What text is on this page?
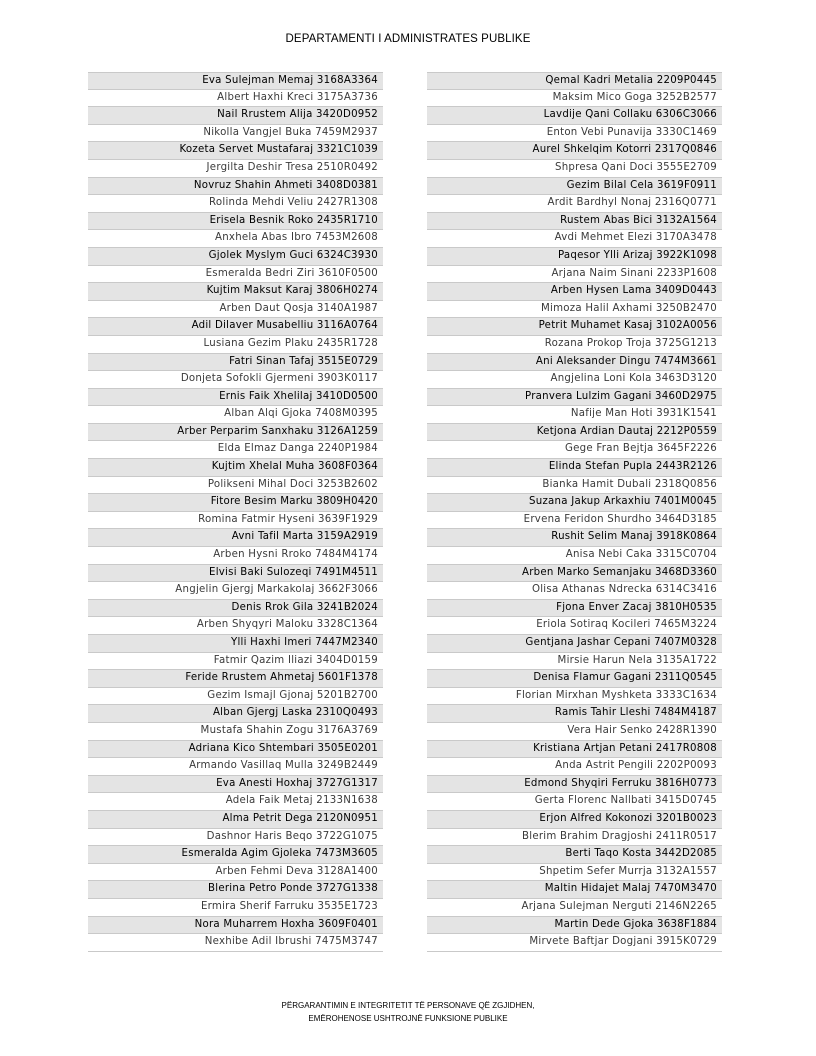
DEPARTAMENTI I ADMINISTRATES PUBLIKE
Eva Sulejman Memaj 3168A3364
Albert Haxhi Kreci 3175A3736
Nail Rrustem Alija 3420D0952
Nikolla Vangjel Buka 7459M2937
Kozeta Servet Mustafaraj 3321C1039
Jergilta Deshir Tresa 2510R0492
Novruz Shahin Ahmeti 3408D0381
Rolinda Mehdi Veliu 2427R1308
Erisela Besnik Roko 2435R1710
Anxhela Abas Ibro 7453M2608
Gjolek Myslym Guci 6324C3930
Esmeralda Bedri Ziri 3610F0500
Kujtim Maksut Karaj 3806H0274
Arben Daut Qosja 3140A1987
Adil Dilaver Musabelliu 3116A0764
Lusiana Gezim Plaku 2435R1728
Fatri Sinan Tafaj 3515E0729
Donjeta Sofokli Gjermeni 3903K0117
Ernis Faik Xhelilaj 3410D0500
Alban Alqi Gjoka 7408M0395
Arber Perparim Sanxhaku 3126A1259
Elda Elmaz Danga 2240P1984
Kujtim Xhelal Muha 3608F0364
Polikseni Mihal Doci 3253B2602
Fitore Besim Marku 3809H0420
Romina Fatmir Hyseni 3639F1929
Avni Tafil Marta 3159A2919
Arben Hysni Rroko 7484M4174
Elvisi Baki Sulozeqi 7491M4511
Angjelin Gjergj Markakolaj 3662F3066
Denis Rrok Gila 3241B2024
Arben Shyqyri Maloku 3328C1364
Ylli Haxhi Imeri 7447M2340
Fatmir Qazim Iliazi 3404D0159
Feride Rrustem Ahmetaj 5601F1378
Gezim Ismajl Gjonaj 5201B2700
Alban Gjergj Laska 2310Q0493
Mustafa Shahin Zogu 3176A3769
Adriana Kico Shtembari 3505E0201
Armando Vasillaq Mulla 3249B2449
Eva Anesti Hoxhaj 3727G1317
Adela Faik Metaj 2133N1638
Alma Petrit Dega 2120N0951
Dashnor Haris Beqo 3722G1075
Esmeralda Agim Gjoleka 7473M3605
Arben Fehmi Deva 3128A1400
Blerina Petro Ponde 3727G1338
Ermira Sherif Farruku 3535E1723
Nora Muharrem Hoxha 3609F0401
Nexhibe Adil Ibrushi 7475M3747
Qemal Kadri Metalia 2209P0445
Maksim Mico Goga 3252B2577
Lavdije Qani Collaku 6306C3066
Enton Vebi Punavija 3330C1469
Aurel Shkelqim Kotorri 2317Q0846
Shpresa Qani Doci 3555E2709
Gezim Bilal Cela 3619F0911
Ardit Bardhyl Nonaj 2316Q0771
Rustem Abas Bici 3132A1564
Avdi Mehmet Elezi 3170A3478
Paqesor Ylli Arizaj 3922K1098
Arjana Naim Sinani 2233P1608
Arben Hysen Lama 3409D0443
Mimoza Halil Axhami 3250B2470
Petrit Muhamet Kasaj 3102A0056
Rozana Prokop Troja 3725G1213
Ani Aleksander Dingu 7474M3661
Angjelina Loni Kola 3463D3120
Pranvera Lulzim Gagani 3460D2975
Nafije Man Hoti 3931K1541
Ketjona Ardian Dautaj 2212P0559
Gege Fran Bejtja 3645F2226
Elinda Stefan Pupla 2443R2126
Bianka Hamit Dubali 2318Q0856
Suzana Jakup Arkaxhiu 7401M0045
Ervena Feridon Shurdho 3464D3185
Rushit Selim Manaj 3918K0864
Anisa Nebi Caka 3315C0704
Arben Marko Semanjaku 3468D3360
Olisa Athanas Ndrecka 6314C3416
Fjona Enver Zacaj 3810H0535
Eriola Sotiraq Kocileri 7465M3224
Gentjana Jashar Cepani 7407M0328
Mirsie Harun Nela 3135A1722
Denisa Flamur Gagani 2311Q0545
Florian Mirxhan Myshketa 3333C1634
Ramis Tahir Lleshi 7484M4187
Vera Hair Senko 2428R1390
Kristiana Artjan Petani 2417R0808
Anda Astrit Pengili 2202P0093
Edmond Shyqiri Ferruku 3816H0773
Gerta Florenc Nallbati 3415D0745
Erjon Alfred Kokonozi 3201B0023
Blerim Brahim Dragjoshi 2411R0517
Berti Taqo Kosta 3442D2085
Shpetim Sefer Murrja 3132A1557
Maltin Hidajet Malaj 7470M3470
Arjana Sulejman Nerguti 2146N2265
Martin Dede Gjoka 3638F1884
Mirvete Baftjar Dogjani 3915K0729
PËRGARANTIMIN E INTEGRITETIT TË PERSONAVE QË ZGJIDHEN,
EMËROHENOSE USHTROJNË FUNKSIONE PUBLIKE
